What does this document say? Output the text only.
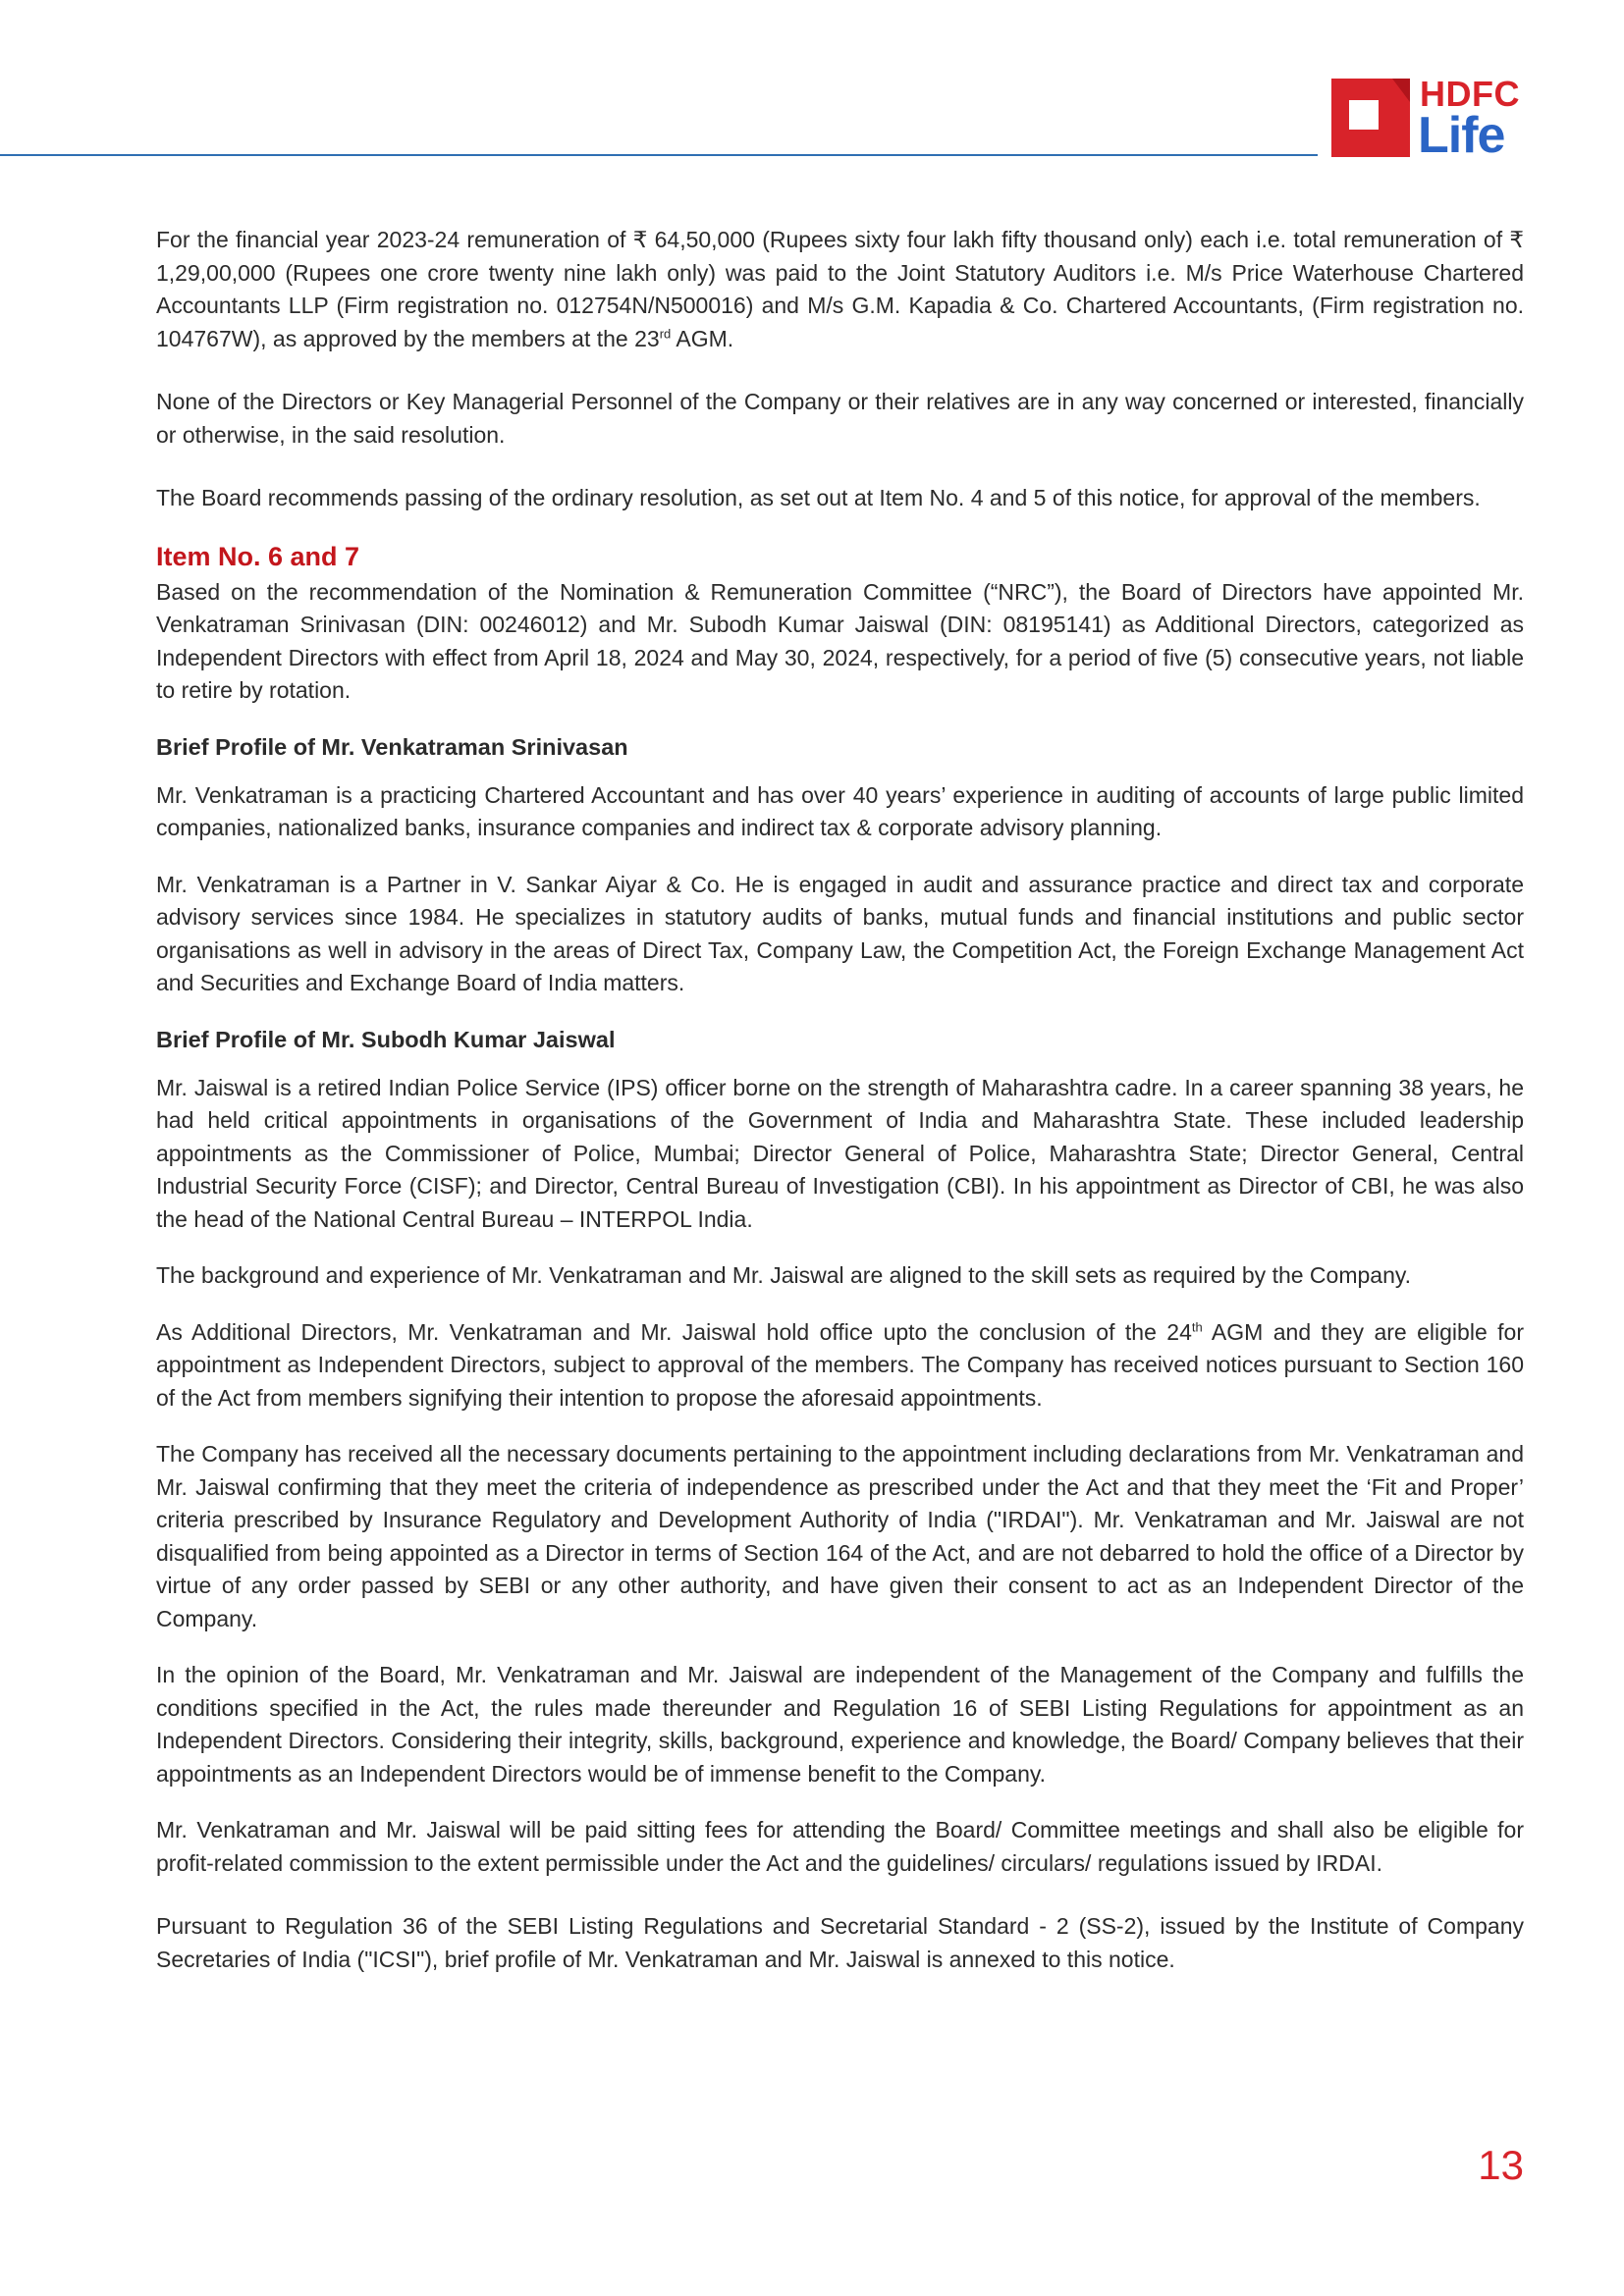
HDFC
Life

For the financial year 2023-24 remuneration of ₹ 64,50,000 (Rupees sixty four lakh fifty thousand only) each i.e. total remuneration of ₹ 1,29,00,000 (Rupees one crore twenty nine lakh only) was paid to the Joint Statutory Auditors i.e. M/s Price Waterhouse Chartered Accountants LLP (Firm registration no. 012754N/N500016) and M/s G.M. Kapadia & Co. Chartered Accountants, (Firm registration no. 104767W), as approved by the members at the 23rd AGM.

None of the Directors or Key Managerial Personnel of the Company or their relatives are in any way concerned or interested, financially or otherwise, in the said resolution.

The Board recommends passing of the ordinary resolution, as set out at Item No. 4 and 5 of this notice, for approval of the members.

Item No. 6 and 7

Based on the recommendation of the Nomination & Remuneration Committee (“NRC”), the Board of Directors have appointed Mr. Venkatraman Srinivasan (DIN: 00246012) and Mr. Subodh Kumar Jaiswal (DIN: 08195141) as Additional Directors, categorized as Independent Directors with effect from April 18, 2024 and May 30, 2024, respectively, for a period of five (5) consecutive years, not liable to retire by rotation.

Brief Profile of Mr. Venkatraman Srinivasan

Mr. Venkatraman is a practicing Chartered Accountant and has over 40 years’ experience in auditing of accounts of large public limited companies, nationalized banks, insurance companies and indirect tax & corporate advisory planning.

Mr. Venkatraman is a Partner in V. Sankar Aiyar & Co. He is engaged in audit and assurance practice and direct tax and corporate advisory services since 1984. He specializes in statutory audits of banks, mutual funds and financial institutions and public sector organisations as well in advisory in the areas of Direct Tax, Company Law, the Competition Act, the Foreign Exchange Management Act and Securities and Exchange Board of India matters.

Brief Profile of Mr. Subodh Kumar Jaiswal

Mr. Jaiswal is a retired Indian Police Service (IPS) officer borne on the strength of Maharashtra cadre. In a career spanning 38 years, he had held critical appointments in organisations of the Government of India and Maharashtra State. These included leadership appointments as the Commissioner of Police, Mumbai; Director General of Police, Maharashtra State; Director General, Central Industrial Security Force (CISF); and Director, Central Bureau of Investigation (CBI). In his appointment as Director of CBI, he was also the head of the National Central Bureau – INTERPOL India.

The background and experience of Mr. Venkatraman and Mr. Jaiswal are aligned to the skill sets as required by the Company.

As Additional Directors, Mr. Venkatraman and Mr. Jaiswal hold office upto the conclusion of the 24th AGM and they are eligible for appointment as Independent Directors, subject to approval of the members. The Company has received notices pursuant to Section 160 of the Act from members signifying their intention to propose the aforesaid appointments.

The Company has received all the necessary documents pertaining to the appointment including declarations from Mr. Venkatraman and Mr. Jaiswal confirming that they meet the criteria of independence as prescribed under the Act and that they meet the ‘Fit and Proper’ criteria prescribed by Insurance Regulatory and Development Authority of India ("IRDAI"). Mr. Venkatraman and Mr. Jaiswal are not disqualified from being appointed as a Director in terms of Section 164 of the Act, and are not debarred to hold the office of a Director by virtue of any order passed by SEBI or any other authority, and have given their consent to act as an Independent Director of the Company.

In the opinion of the Board, Mr. Venkatraman and Mr. Jaiswal are independent of the Management of the Company and fulfills the conditions specified in the Act, the rules made thereunder and Regulation 16 of SEBI Listing Regulations for appointment as an Independent Directors. Considering their integrity, skills, background, experience and knowledge, the Board/ Company believes that their appointments as an Independent Directors would be of immense benefit to the Company.

Mr. Venkatraman and Mr. Jaiswal will be paid sitting fees for attending the Board/ Committee meetings and shall also be eligible for profit-related commission to the extent permissible under the Act and the guidelines/ circulars/ regulations issued by IRDAI.

Pursuant to Regulation 36 of the SEBI Listing Regulations and Secretarial Standard - 2 (SS-2), issued by the Institute of Company Secretaries of India ("ICSI"), brief profile of Mr. Venkatraman and Mr. Jaiswal is annexed to this notice.

13
